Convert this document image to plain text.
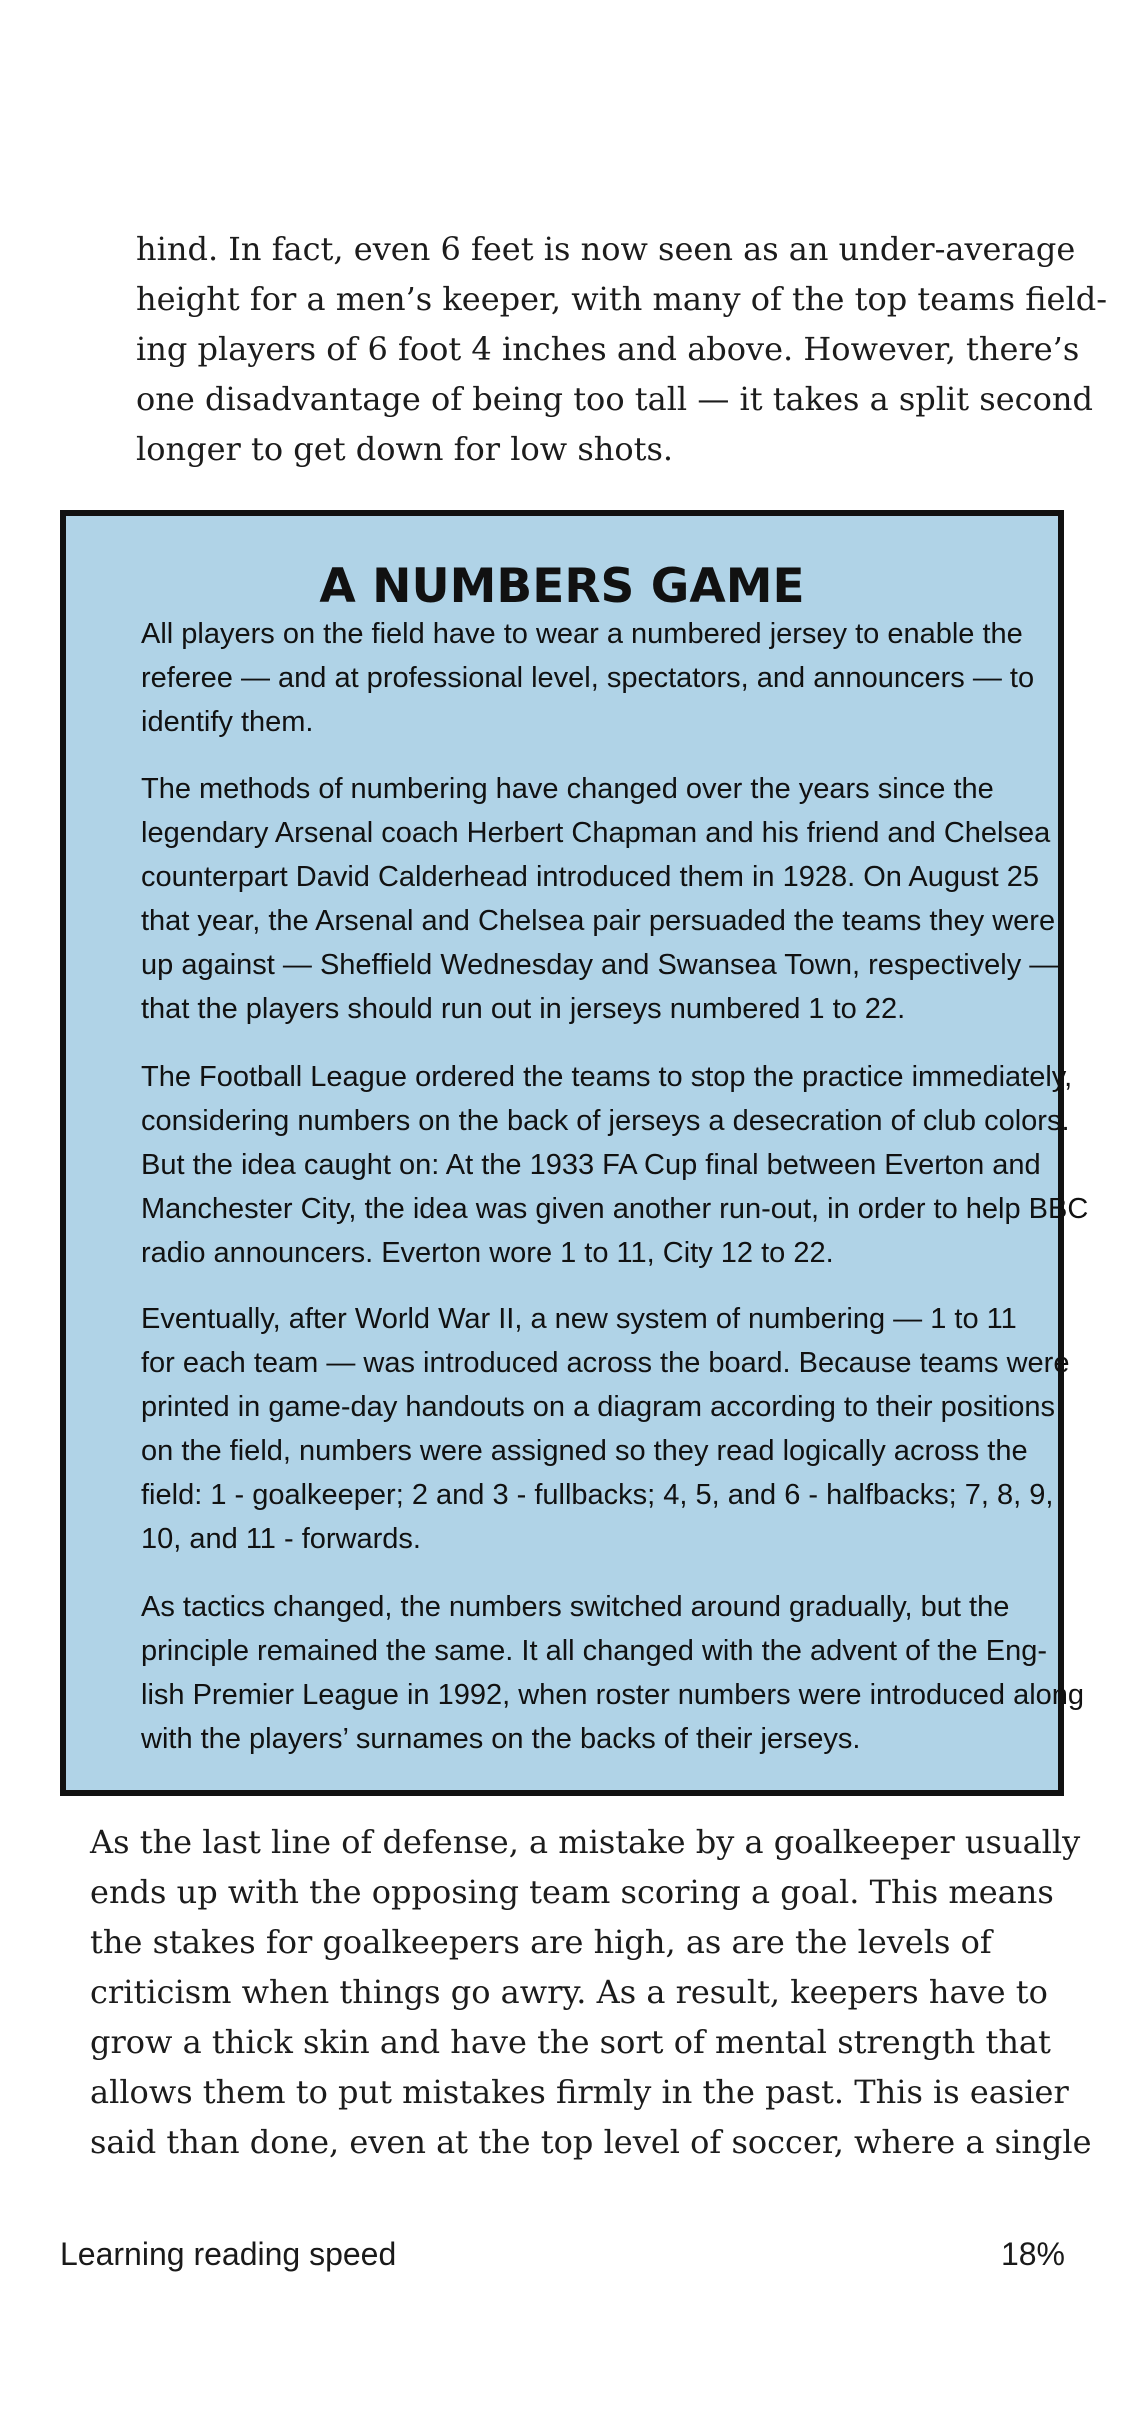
hind. In fact, even 6 feet is now seen as an under-average
height for a men’s keeper, with many of the top teams field-
ing players of 6 foot 4 inches and above. However, there’s
one disadvantage of being too tall — it takes a split second
longer to get down for low shots.
A NUMBERS GAME
All players on the field have to wear a numbered jersey to enable the
referee — and at professional level, spectators, and announcers — to
identify them.
The methods of numbering have changed over the years since the
legendary Arsenal coach Herbert Chapman and his friend and Chelsea
counterpart David Calderhead introduced them in 1928. On August 25
that year, the Arsenal and Chelsea pair persuaded the teams they were
up against — Sheffield Wednesday and Swansea Town, respectively —
that the players should run out in jerseys numbered 1 to 22.
The Football League ordered the teams to stop the practice immediately,
considering numbers on the back of jerseys a desecration of club colors.
But the idea caught on: At the 1933 FA Cup final between Everton and
Manchester City, the idea was given another run-out, in order to help BBC
radio announcers. Everton wore 1 to 11, City 12 to 22.
Eventually, after World War II, a new system of numbering — 1 to 11
for each team — was introduced across the board. Because teams were
printed in game-day handouts on a diagram according to their positions
on the field, numbers were assigned so they read logically across the
field: 1 - goalkeeper; 2 and 3 - fullbacks; 4, 5, and 6 - halfbacks; 7, 8, 9,
10, and 11 - forwards.
As tactics changed, the numbers switched around gradually, but the
principle remained the same. It all changed with the advent of the Eng-
lish Premier League in 1992, when roster numbers were introduced along
with the players’ surnames on the backs of their jerseys.
As the last line of defense, a mistake by a goalkeeper usually
ends up with the opposing team scoring a goal. This means
the stakes for goalkeepers are high, as are the levels of
criticism when things go awry. As a result, keepers have to
grow a thick skin and have the sort of mental strength that
allows them to put mistakes firmly in the past. This is easier
said than done, even at the top level of soccer, where a single
Learning reading speed	18%
